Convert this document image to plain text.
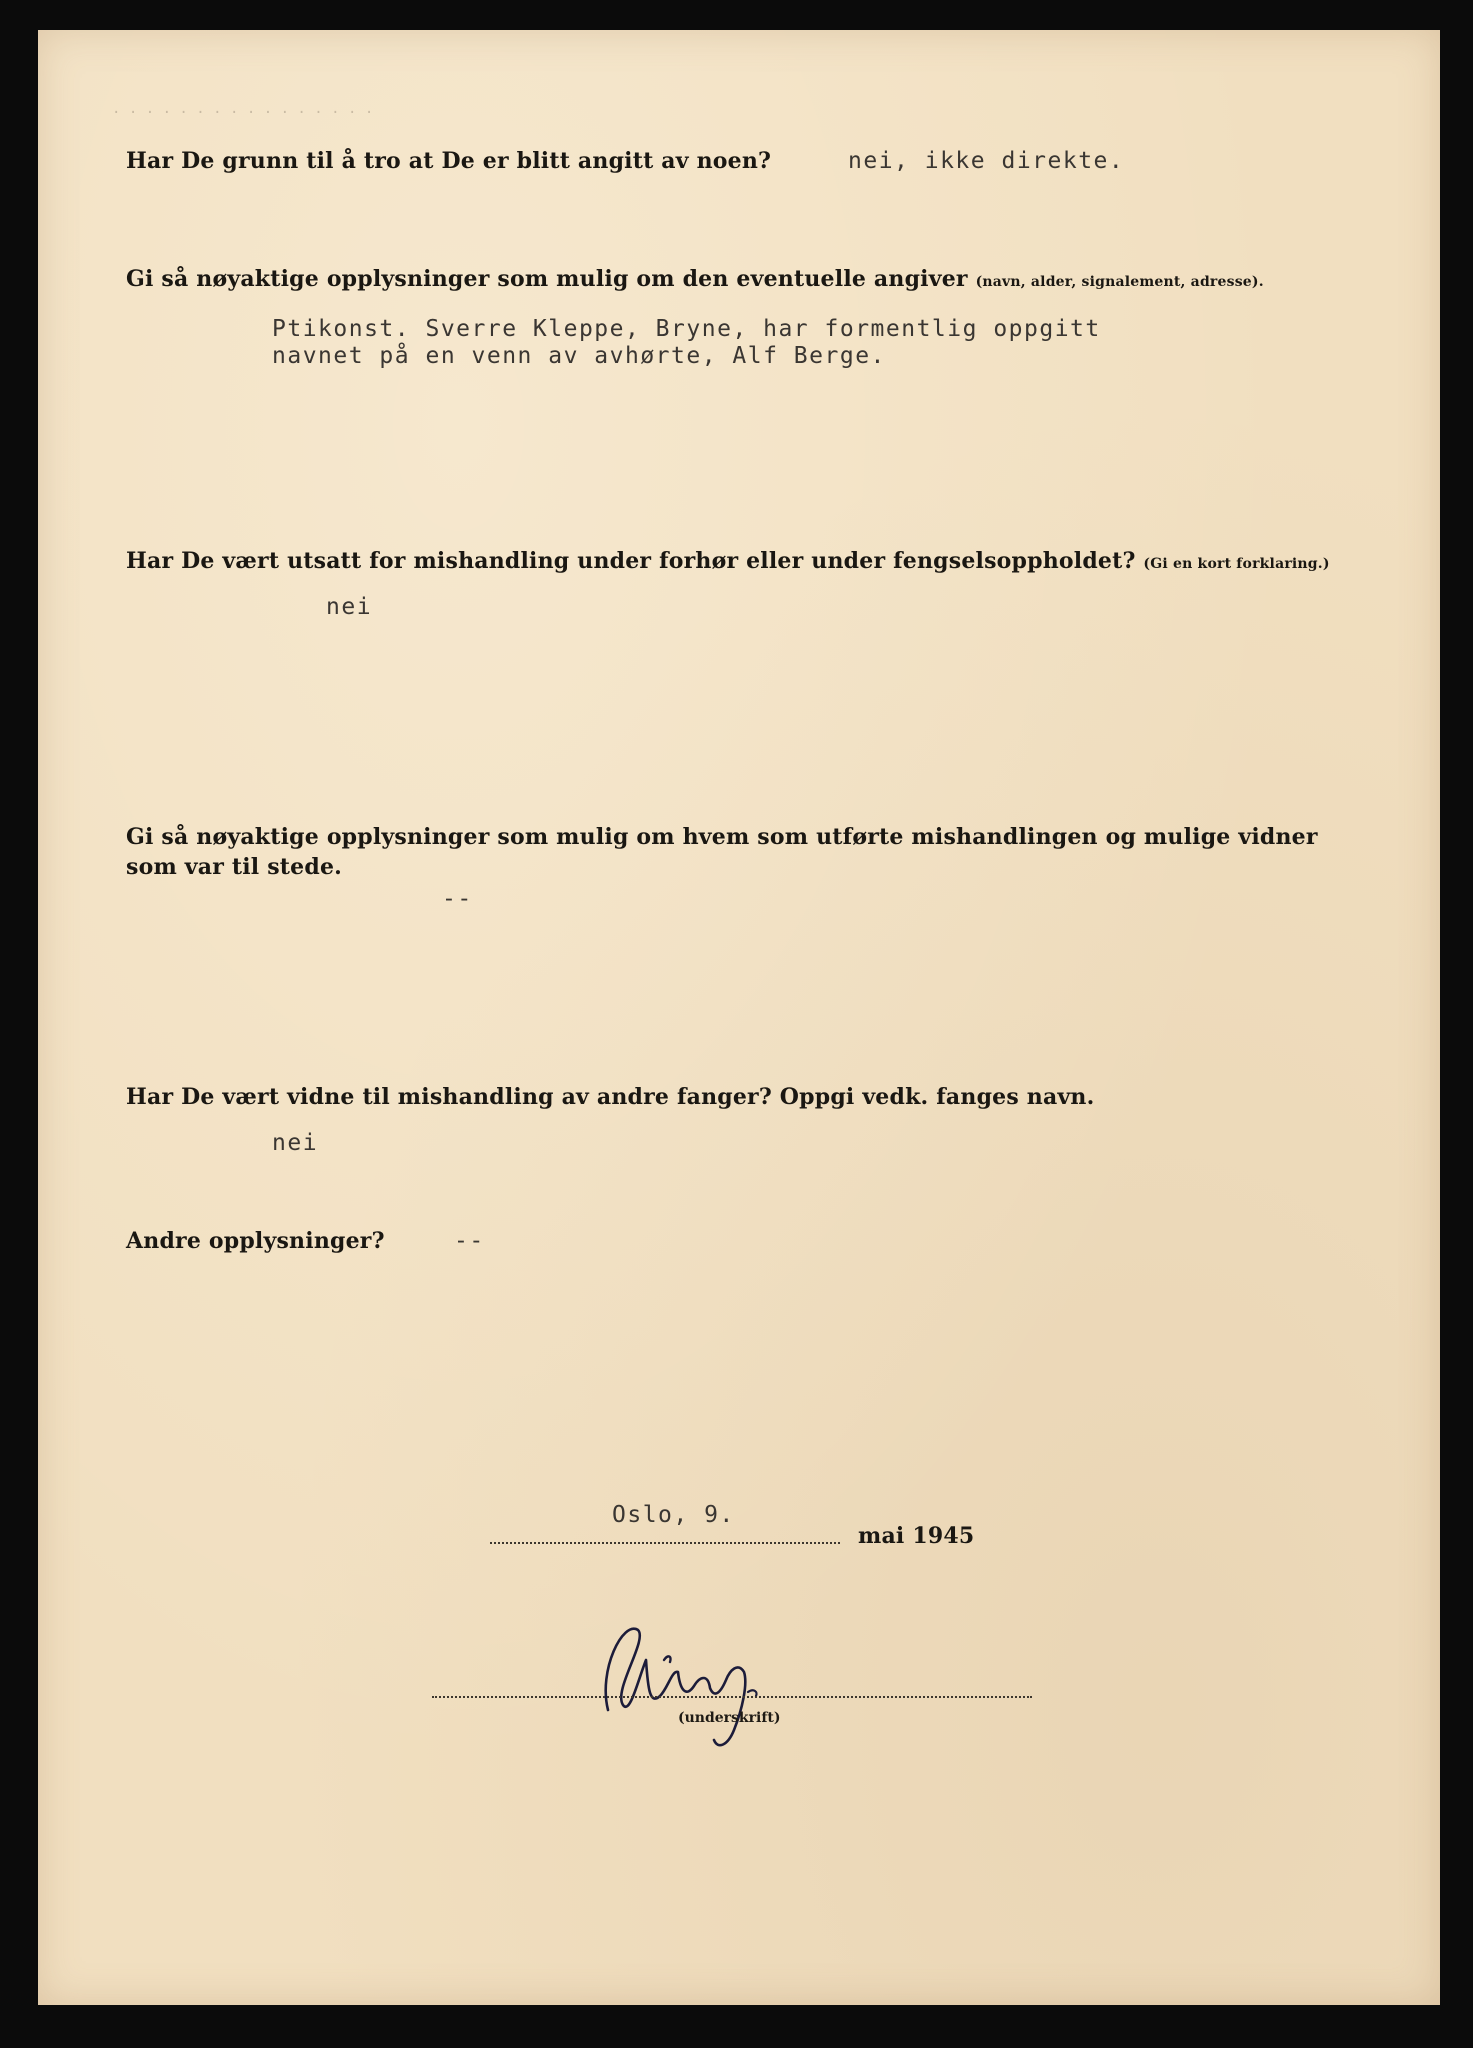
· · · · · · · · · · · · · · · ·
Har De grunn til å tro at De er blitt angitt av noen?	nei, ikke direkte.
Gi så nøyaktige opplysninger som mulig om den eventuelle angiver (navn, alder, signalement, adresse).
Ptikonst. Sverre Kleppe, Bryne, har formentlig oppgitt
navnet på en venn av avhørte, Alf Berge.
Har De vært utsatt for mishandling under forhør eller under fengselsoppholdet? (Gi en kort forklaring.)
nei
Gi så nøyaktige opplysninger som mulig om hvem som utførte mishandlingen og mulige vidner
som var til stede.
--
Har De vært vidne til mishandling av andre fanger? Oppgi vedk. fanges navn.
nei
Andre opplysninger?	--
Oslo, 9.
mai 1945
(underskrift)
